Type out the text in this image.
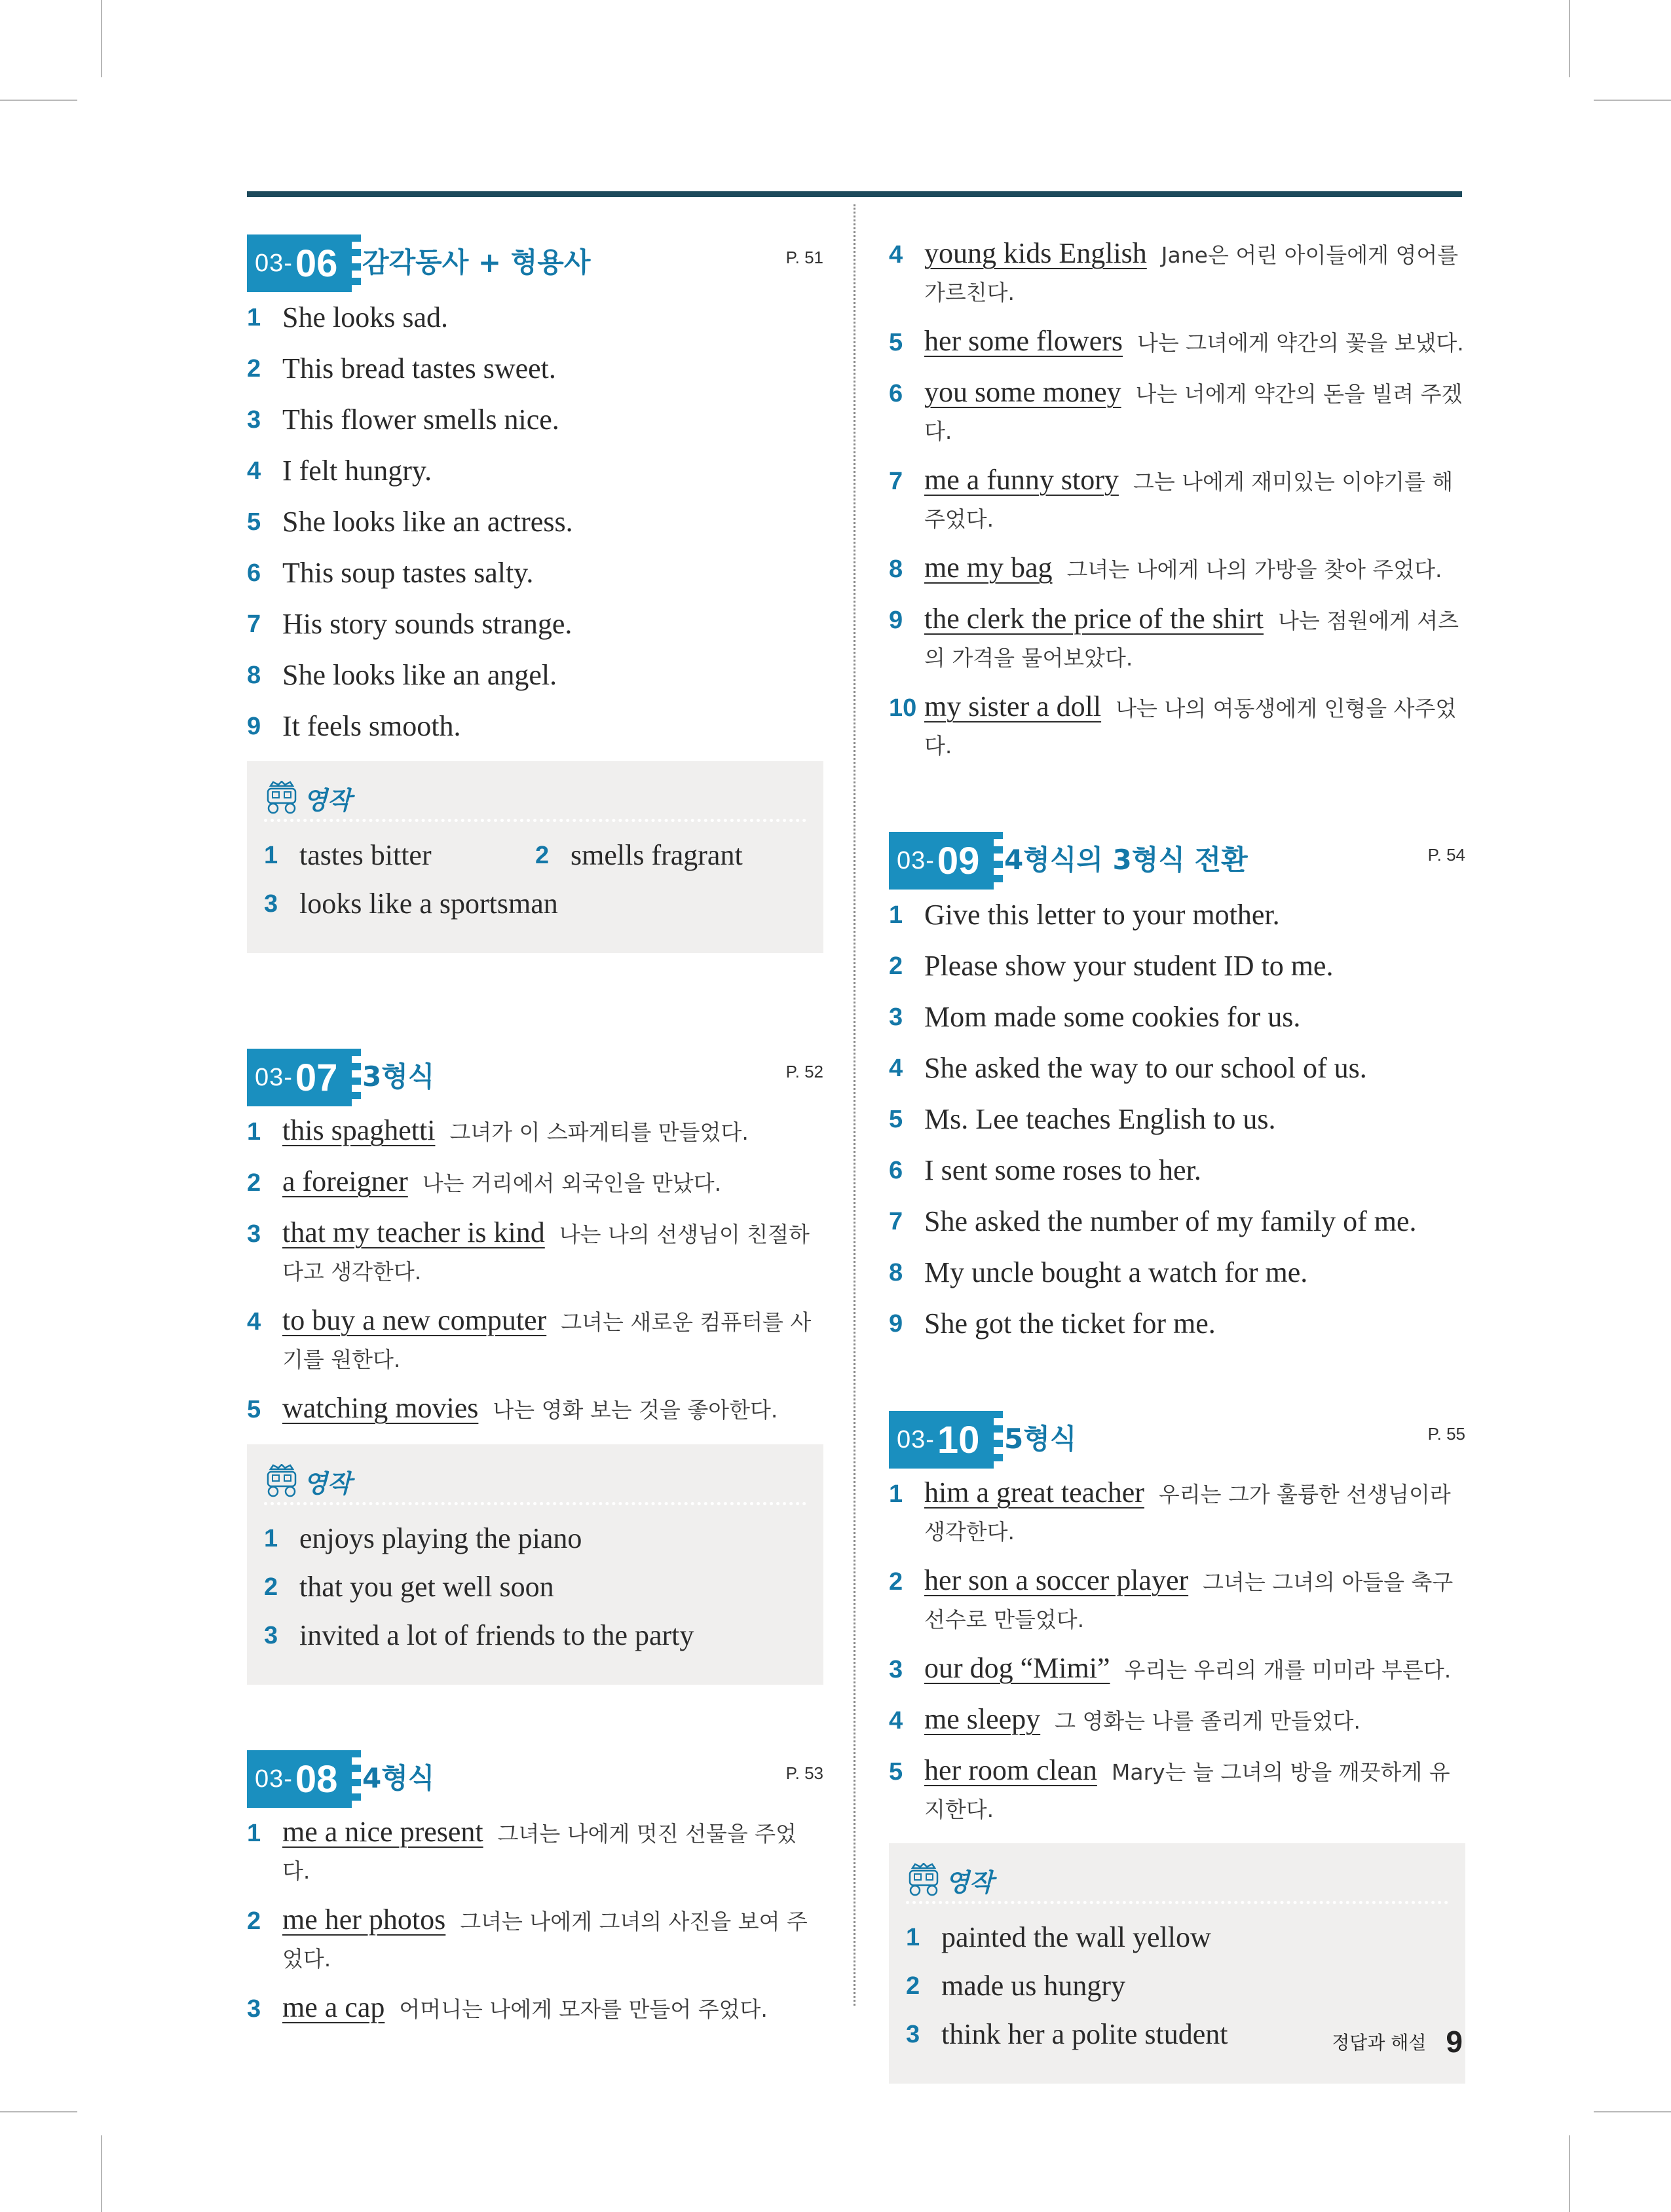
03- 06 감각동사 + 형용사	P. 51
1 She looks sad.
2 This bread tastes sweet.
3 This flower smells nice.
4 I felt hungry.
5 She looks like an actress.
6 This soup tastes salty.
7 His story sounds strange.
8 She looks like an angel.
9 It feels smooth.
영작
1 tastes bitter	2 smells fragrant
3 looks like a sportsman
03- 07 3형식	P. 52
1 this spaghetti 그녀가 이 스파게티를 만들었다.
2 a foreigner 나는 거리에서 외국인을 만났다.
3 that my teacher is kind 나는 나의 선생님이 친절하다고 생각한다.
4 to buy a new computer 그녀는 새로운 컴퓨터를 사기를 원한다.
5 watching movies 나는 영화 보는 것을 좋아한다.
영작
1 enjoys playing the piano
2 that you get well soon
3 invited a lot of friends to the party
03- 08 4형식	P. 53
1 me a nice present 그녀는 나에게 멋진 선물을 주었다.
2 me her photos 그녀는 나에게 그녀의 사진을 보여 주었다.
3 me a cap 어머니는 나에게 모자를 만들어 주었다.
4 young kids English Jane은 어린 아이들에게 영어를 가르친다.
5 her some flowers 나는 그녀에게 약간의 꽃을 보냈다.
6 you some money 나는 너에게 약간의 돈을 빌려 주겠다.
7 me a funny story 그는 나에게 재미있는 이야기를 해 주었다.
8 me my bag 그녀는 나에게 나의 가방을 찾아 주었다.
9 the clerk the price of the shirt 나는 점원에게 셔츠의 가격을 물어보았다.
10 my sister a doll 나는 나의 여동생에게 인형을 사주었다.
03- 09 4형식의 3형식 전환	P. 54
1 Give this letter to your mother.
2 Please show your student ID to me.
3 Mom made some cookies for us.
4 She asked the way to our school of us.
5 Ms. Lee teaches English to us.
6 I sent some roses to her.
7 She asked the number of my family of me.
8 My uncle bought a watch for me.
9 She got the ticket for me.
03- 10 5형식	P. 55
1 him a great teacher 우리는 그가 훌륭한 선생님이라 생각한다.
2 her son a soccer player 그녀는 그녀의 아들을 축구 선수로 만들었다.
3 our dog “Mimi” 우리는 우리의 개를 미미라 부른다.
4 me sleepy 그 영화는 나를 졸리게 만들었다.
5 her room clean Mary는 늘 그녀의 방을 깨끗하게 유지한다.
영작
1 painted the wall yellow
2 made us hungry
3 think her a polite student	정답과 해설 9
